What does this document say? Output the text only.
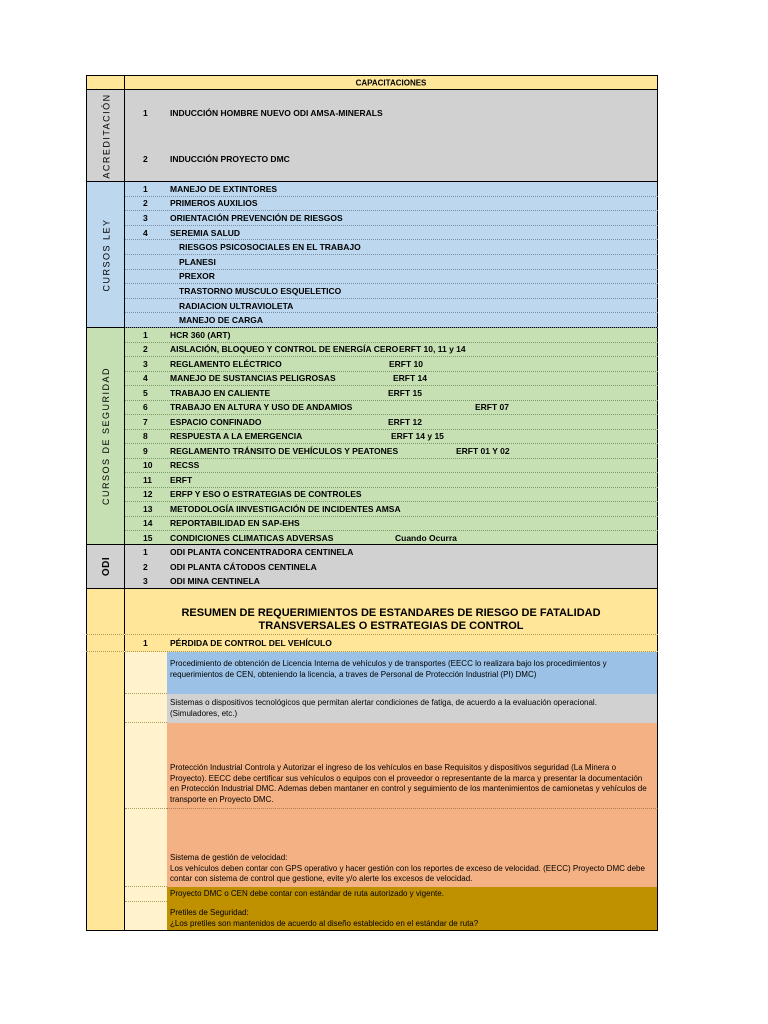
CAPACITACIONES
ACREDITACIÓN	1	INDUCCIÓN HOMBRE NUEVO ODI AMSA-MINERALS
2	INDUCCIÓN PROYECTO DMC
CURSOS LEY
1	MANEJO DE EXTINTORES
2	PRIMEROS AUXILIOS
3	ORIENTACIÓN PREVENCIÓN DE RIESGOS
4	SEREMIA SALUD
RIESGOS PSICOSOCIALES EN EL TRABAJO
PLANESI
PREXOR
TRASTORNO MUSCULO ESQUELETICO
RADIACION ULTRAVIOLETA
MANEJO DE CARGA
CURSOS DE SEGURIDAD
1	HCR 360 (ART)
2	AISLACIÓN, BLOQUEO Y CONTROL DE ENERGÍA CERO ERFT 10, 11 y 14
3	REGLAMENTO ELÉCTRICO	ERFT 10
4	MANEJO DE SUSTANCIAS PELIGROSAS	ERFT 14
5	TRABAJO EN CALIENTE	ERFT 15
6	TRABAJO EN ALTURA Y USO DE ANDAMIOS	ERFT 07
7	ESPACIO CONFINADO	ERFT 12
8	RESPUESTA A LA EMERGENCIA	ERFT 14 y 15
9	REGLAMENTO TRÁNSITO DE VEHÍCULOS Y PEATONES	ERFT 01 Y 02
10 RECSS
11 ERFT
12 ERFP Y ESO O ESTRATEGIAS DE CONTROLES
13 METODOLOGÍA IINVESTIGACIÓN DE INCIDENTES AMSA
14 REPORTABILIDAD EN SAP-EHS
15 CONDICIONES CLIMATICAS ADVERSAS	Cuando Ocurra
ODI
1	ODI PLANTA CONCENTRADORA CENTINELA
2	ODI PLANTA CÁTODOS CENTINELA
3	ODI MINA CENTINELA
RESUMEN DE REQUERIMIENTOS DE ESTANDARES DE RIESGO DE FATALIDAD TRANSVERSALES O ESTRATEGIAS DE CONTROL
1	PÉRDIDA DE CONTROL DEL VEHÍCULO
Procedimiento de obtención de Licencia Interna de vehículos y de transportes (EECC lo realizara bajo los procedimientos y requerimientos de CEN, obteniendo la licencia, a traves de Personal de Protección Industrial (PI) DMC)
Sistemas o dispositivos tecnológicos que permitan alertar condiciones de fatiga, de acuerdo a la evaluación operacional. (Simuladores, etc.)
Protección Industrial Controla y Autorizar el ingreso de los vehículos en base Requisitos y dispositivos seguridad (La Minera o Proyecto). EECC debe certificar sus vehículos o equipos con el proveedor o representante de la marca y presentar la documentación en Protección Industrial DMC. Ademas deben mantaner en control y seguimiento de los mantenimientos de camionetas y vehículos de transporte en Proyecto DMC.
Sistema de gestión de velocidad:
Los vehículos deben contar con GPS operativo y hacer gestión con los reportes de exceso de velocidad. (EECC) Proyecto DMC debe contar con sistema de control que gestione, evite y/o alerte los excesos de velocidad.
Proyecto DMC o CEN debe contar con estándar de ruta autorizado y vigente.
Pretiles de Seguridad:
¿Los pretiles son mantenidos de acuerdo al diseño establecido en el estándar de ruta?
